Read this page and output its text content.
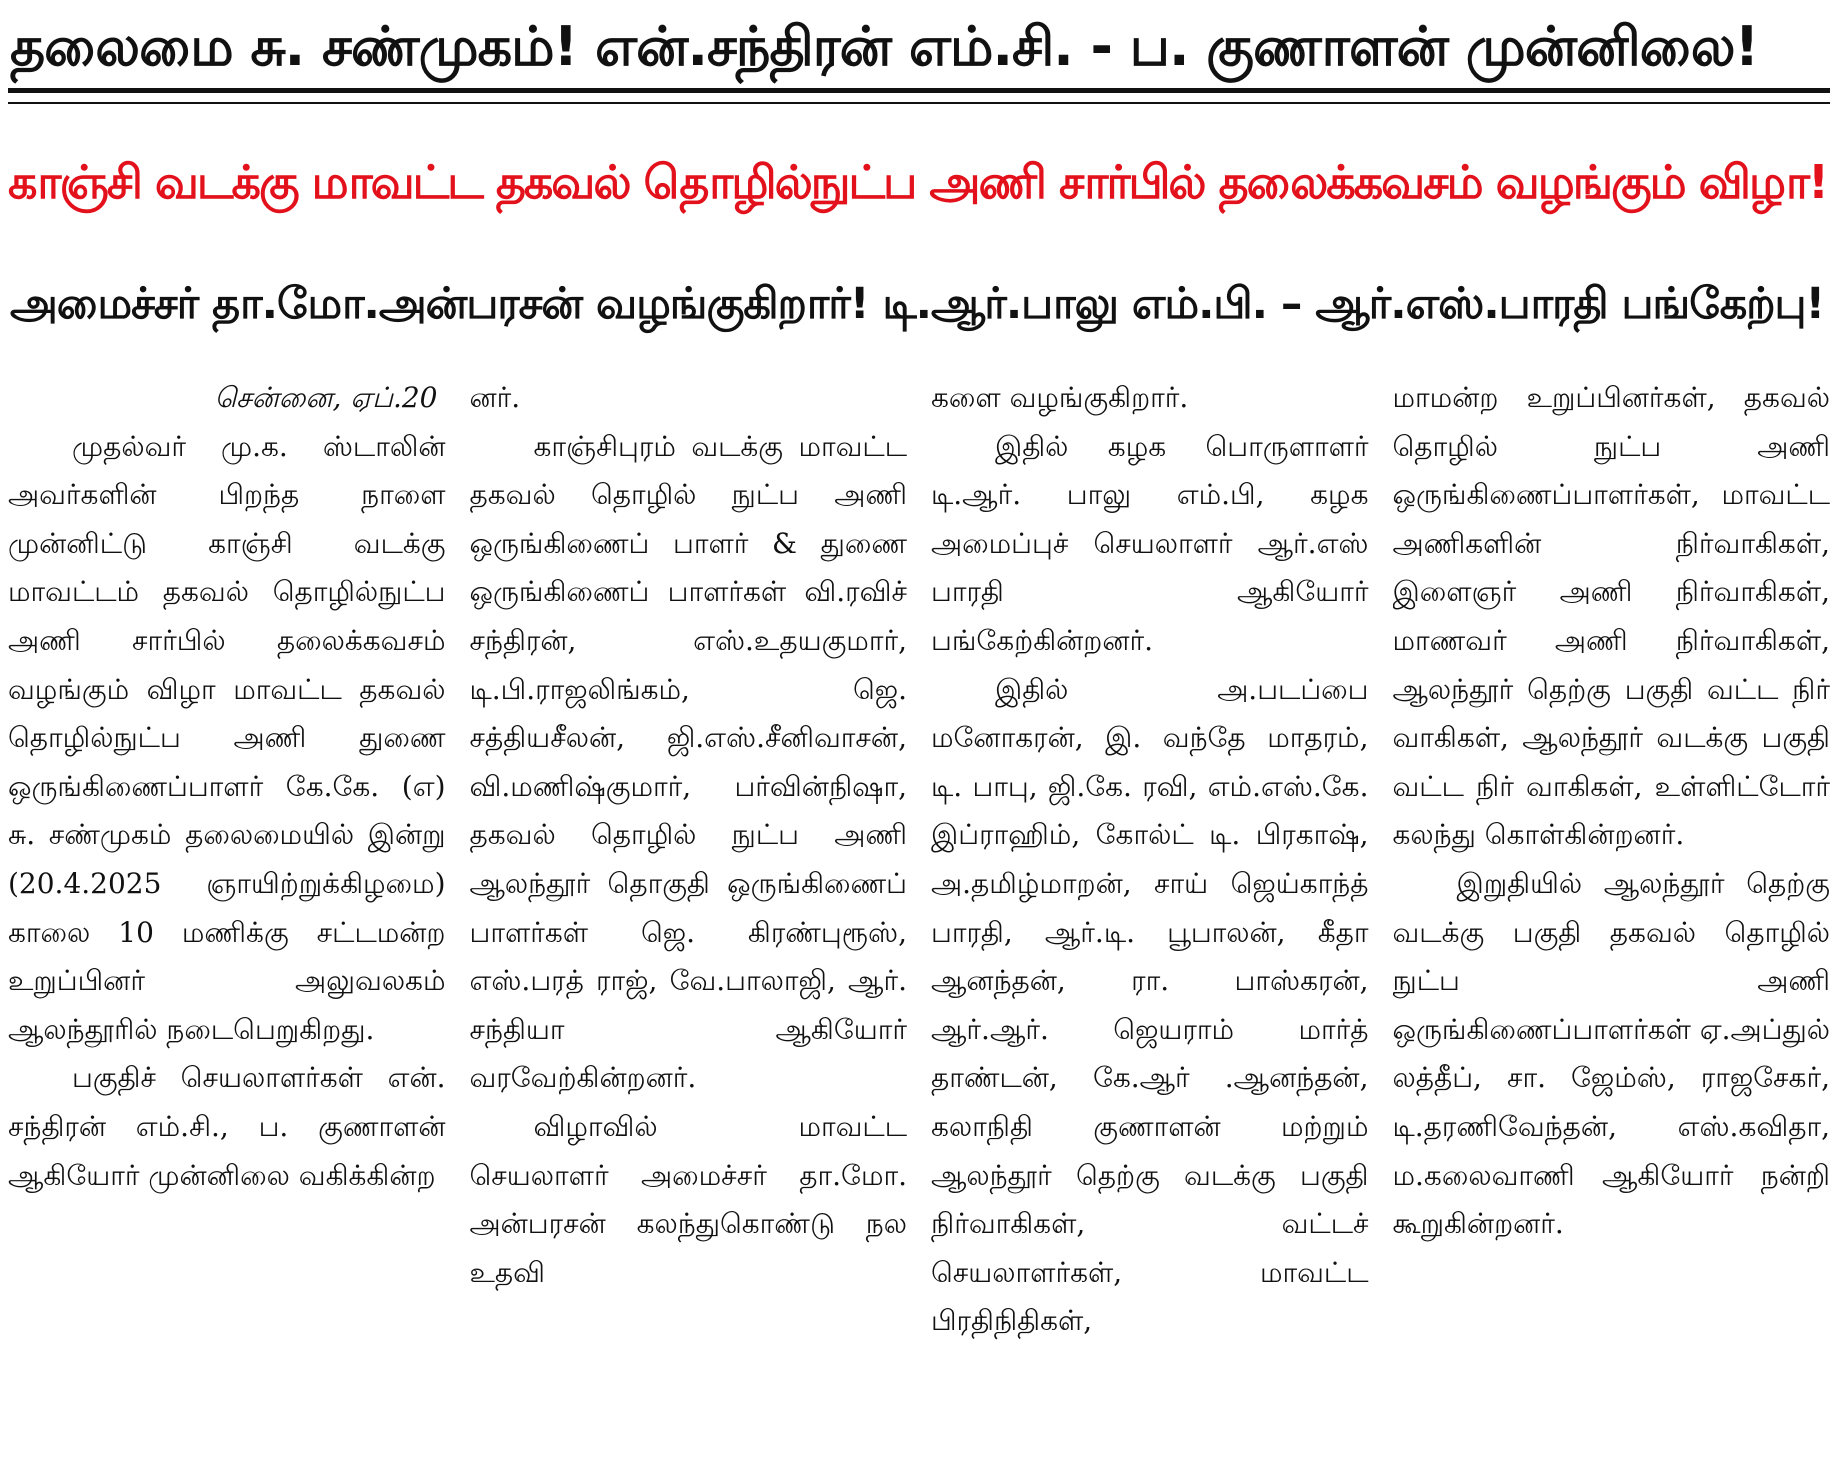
தலைமை சு. சண்முகம்! என்.சந்திரன் எம்.சி. - ப. குணாளன் முன்னிலை!
காஞ்சி வடக்கு மாவட்ட தகவல் தொழில்நுட்ப அணி சார்பில் தலைக்கவசம் வழங்கும் விழா!
அமைச்சர் தா.மோ.அன்பரசன் வழங்குகிறார்! டி.ஆர்.பாலு எம்.பி. – ஆர்.எஸ்.பாரதி பங்கேற்பு!
சென்னை, ஏப்.20

முதல்வர் மு.க. ஸ்டாலின் அவர்களின் பிறந்த நாளை முன்னிட்டு காஞ்சி வடக்கு மாவட்டம் தகவல் தொழில்நுட்ப அணி சார்பில் தலைக்கவசம் வழங்கும் விழா மாவட்ட தகவல் தொழில்நுட்ப அணி துணை ஒருங்கிணைப்பாளர் கே.கே. (எ) சு. சண்முகம் தலைமையில் இன்று (20.4.2025 ஞாயிற்றுக்கிழமை) காலை 10 மணிக்கு சட்டமன்ற உறுப்பினர் அலுவலகம் ஆலந்தூரில் நடைபெறுகிறது.

பகுதிச் செயலாளர்கள் என். சந்திரன் எம்.சி., ப. குணாளன் ஆகியோர் முன்னிலை வகிக்கின்ற

னர்.

காஞ்சிபுரம் வடக்கு மாவட்ட தகவல் தொழில் நுட்ப அணி ஒருங்கிணைப் பாளர் & துணை ஒருங்கிணைப் பாளர்கள் வி.ரவிச் சந்திரன், எஸ்.உதயகுமார், டி.பி.ராஜலிங்கம், ஜெ. சத்தியசீலன், ஜி.எஸ்.சீனிவாசன், வி.மணிஷ்குமார், பர்வின்நிஷா, தகவல் தொழில் நுட்ப அணி ஆலந்தூர் தொகுதி ஒருங்கிணைப் பாளர்கள் ஜெ. கிரண்புரூஸ், எஸ்.பரத் ராஜ், வே.பாலாஜி, ஆர். சந்தியா ஆகியோர் வரவேற்கின்றனர்.

விழாவில் மாவட்ட செயலாளர் அமைச்சர் தா.மோ. அன்பரசன் கலந்துகொண்டு நல உதவி

களை வழங்குகிறார்.

இதில் கழக பொருளாளர் டி.ஆர். பாலு எம்.பி, கழக அமைப்புச் செயலாளர் ஆர்.எஸ் பாரதி ஆகியோர் பங்கேற்கின்றனர்.

இதில் அ.படப்பை மனோகரன், இ. வந்தே மாதரம், டி. பாபு, ஜி.கே. ரவி, எம்.எஸ்.கே. இப்ராஹிம், கோல்ட் டி. பிரகாஷ், அ.தமிழ்மாறன், சாய் ஜெய்காந்த் பாரதி, ஆர்.டி. பூபாலன், கீதா ஆனந்தன், ரா. பாஸ்கரன், ஆர்.ஆர். ஜெயராம் மார்த் தாண்டன், கே.ஆர் .ஆனந்தன், கலாநிதி குணாளன் மற்றும் ஆலந்தூர் தெற்கு வடக்கு பகுதி நிர்வாகிகள், வட்டச் செயலாளர்கள், மாவட்ட பிரதிநிதிகள்,

மாமன்ற உறுப்பினர்கள், தகவல் தொழில் நுட்ப அணி ஒருங்கிணைப்பாளர்கள், மாவட்ட அணிகளின் நிர்வாகிகள், இளைஞர் அணி நிர்வாகிகள், மாணவர் அணி நிர்வாகிகள், ஆலந்தூர் தெற்கு பகுதி வட்ட நிர் வாகிகள், ஆலந்தூர் வடக்கு பகுதி வட்ட நிர் வாகிகள், உள்ளிட்டோர் கலந்து கொள்கின்றனர்.

இறுதியில் ஆலந்தூர் தெற்கு வடக்கு பகுதி தகவல் தொழில் நுட்ப அணி ஒருங்கிணைப்பாளர்கள் ஏ.அப்துல் லத்தீப், சா. ஜேம்ஸ், ராஜசேகர், டி.தரணிவேந்தன், எஸ்.கவிதா, ம.கலைவாணி ஆகியோர் நன்றி கூறுகின்றனர்.
